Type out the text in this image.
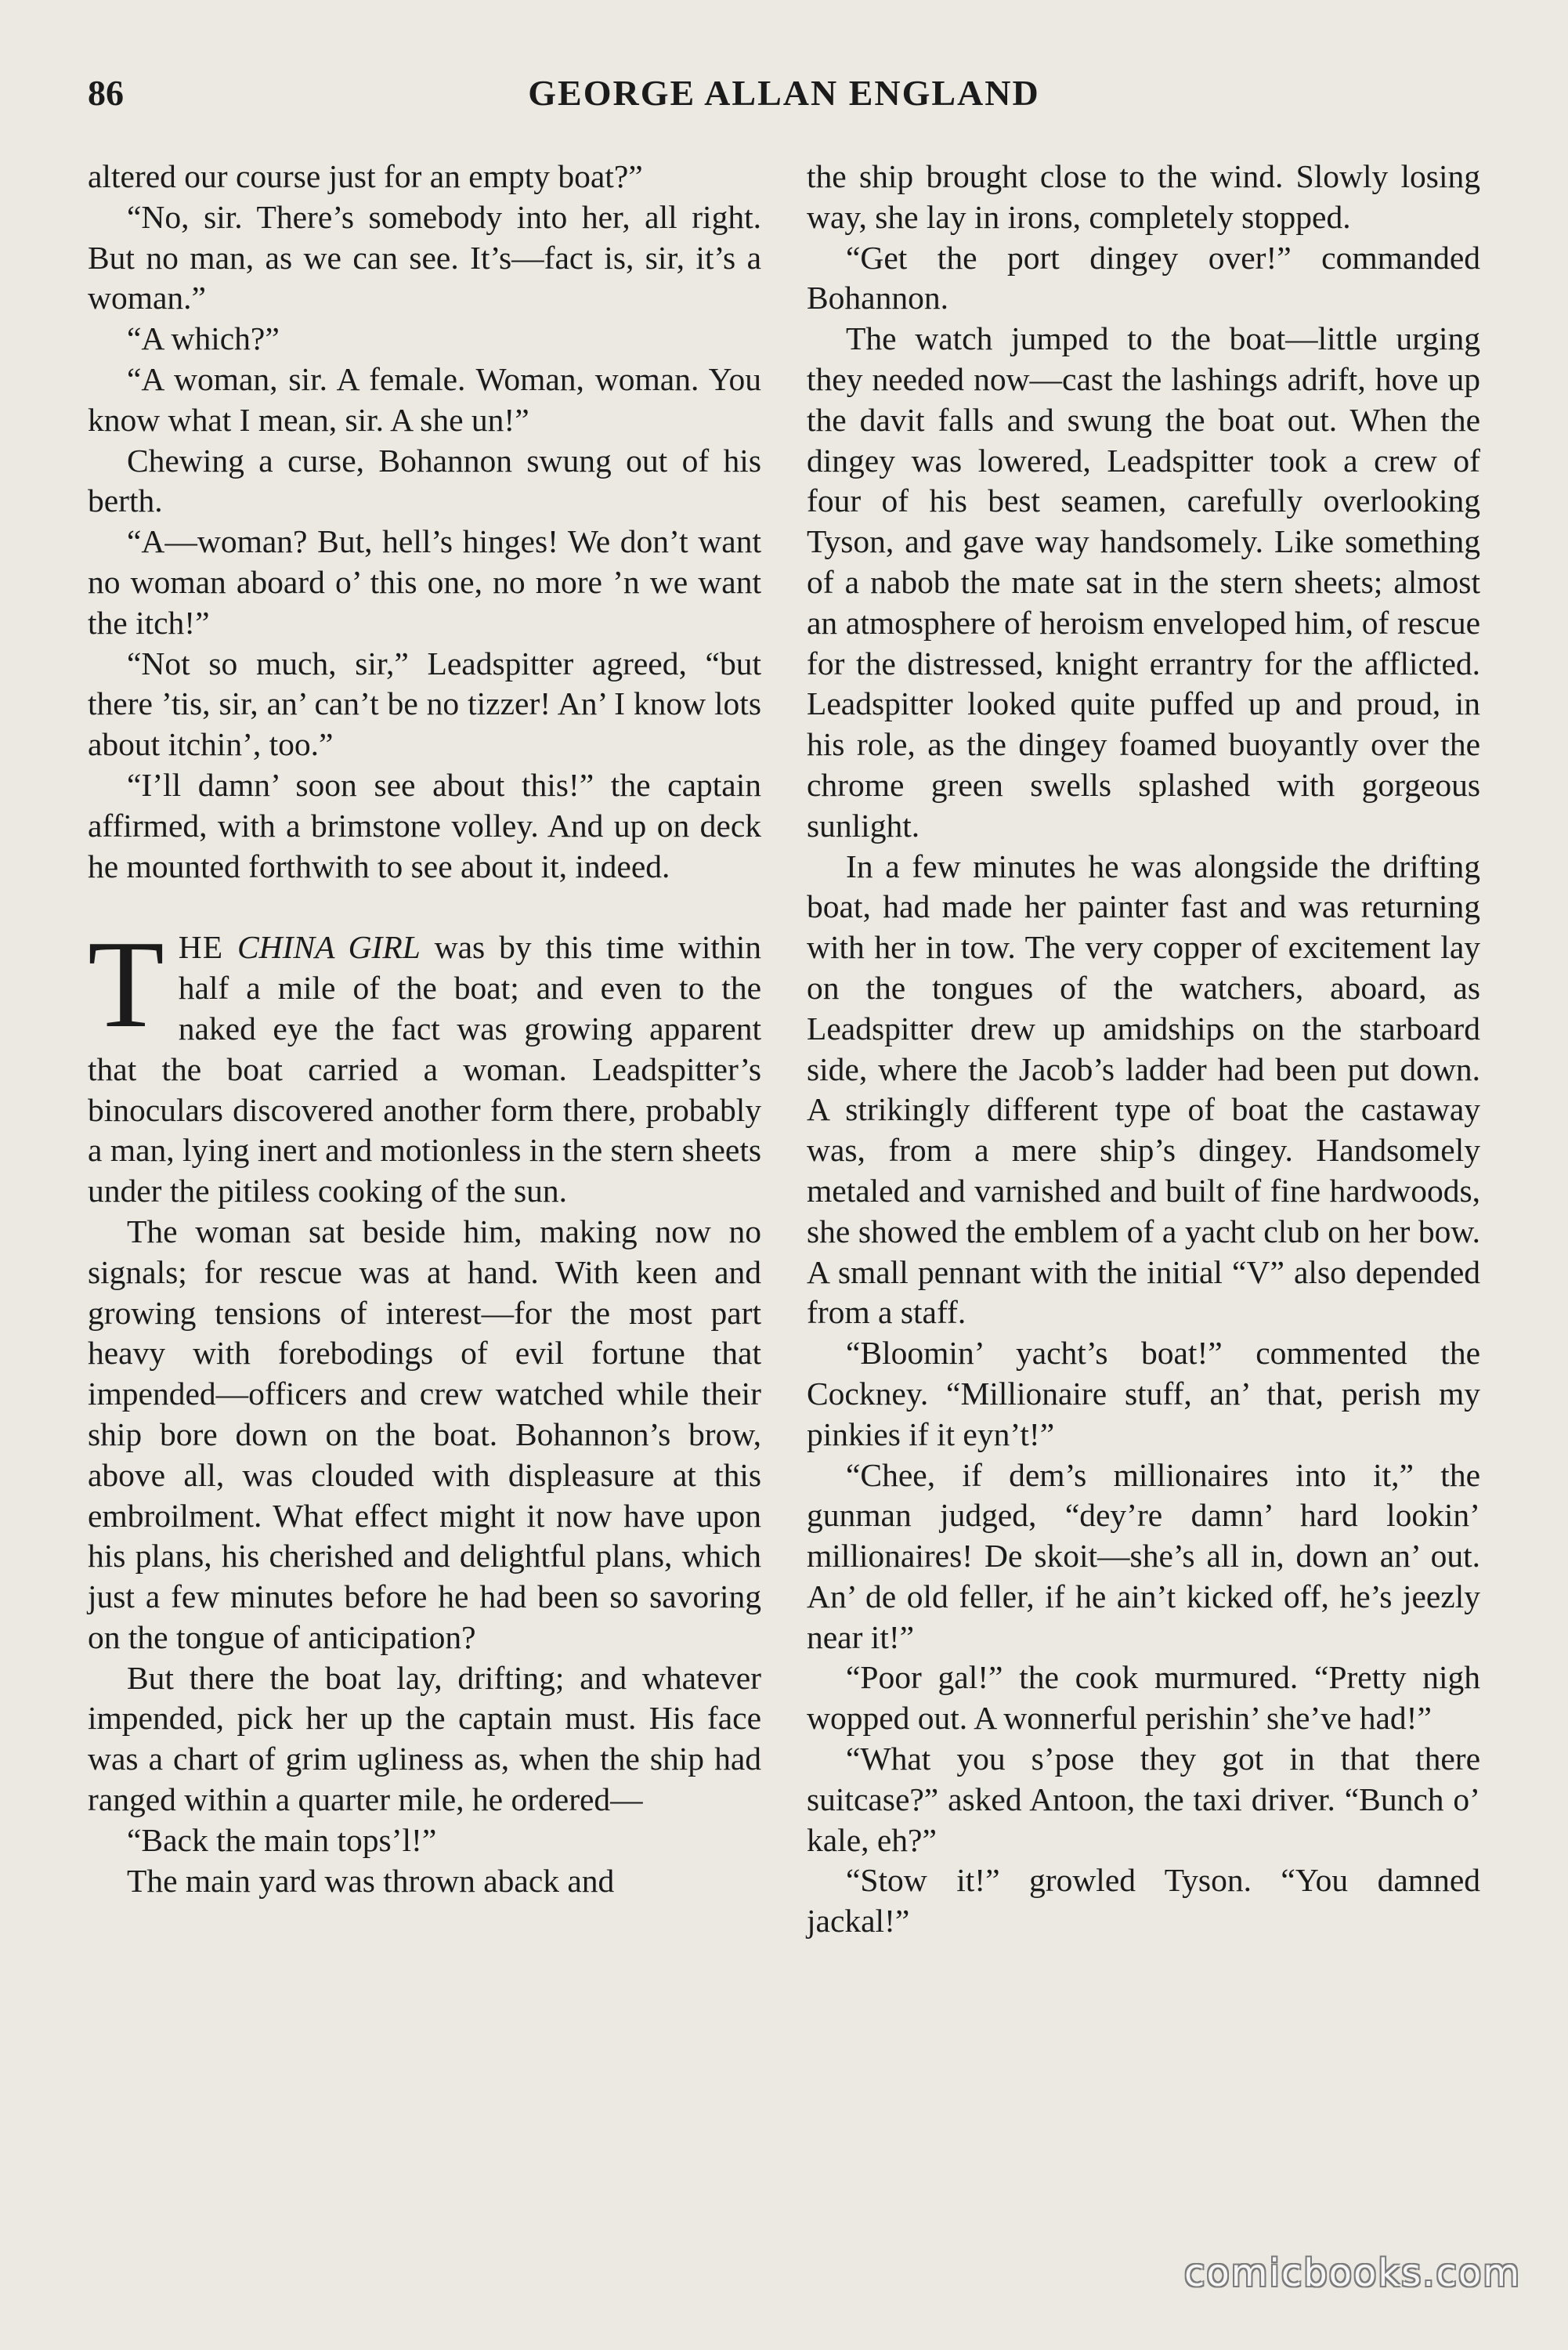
86	GEORGE ALLAN ENGLAND

altered our course just for an empty boat?”

“No, sir. There’s somebody into her, all right. But no man, as we can see. It’s—fact is, sir, it’s a woman.”

“A which?”

“A woman, sir. A female. Woman, woman. You know what I mean, sir. A she un!”

Chewing a curse, Bohannon swung out of his berth.

“A—woman? But, hell’s hinges! We don’t want no woman aboard o’ this one, no more ’n we want the itch!”

“Not so much, sir,” Leadspitter agreed, “but there ’tis, sir, an’ can’t be no tizzer! An’ I know lots about itchin’, too.”

“I’ll damn’ soon see about this!” the captain affirmed, with a brimstone volley. And up on deck he mounted forthwith to see about it, indeed.

THE CHINA GIRL was by this time within half a mile of the boat; and even to the naked eye the fact was growing apparent that the boat carried a woman. Leadspitter’s binoculars discovered another form there, probably a man, lying inert and motionless in the stern sheets under the pitiless cooking of the sun.

The woman sat beside him, making now no signals; for rescue was at hand. With keen and growing tensions of interest—for the most part heavy with forebodings of evil fortune that impended—officers and crew watched while their ship bore down on the boat. Bohannon’s brow, above all, was clouded with displeasure at this embroilment. What effect might it now have upon his plans, his cherished and delightful plans, which just a few minutes before he had been so savoring on the tongue of anticipation?

But there the boat lay, drifting; and whatever impended, pick her up the captain must. His face was a chart of grim ugliness as, when the ship had ranged within a quarter mile, he ordered—

“Back the main tops’l!”

The main yard was thrown aback and

the ship brought close to the wind. Slowly losing way, she lay in irons, completely stopped.

“Get the port dingey over!” commanded Bohannon.

The watch jumped to the boat—little urging they needed now—cast the lashings adrift, hove up the davit falls and swung the boat out. When the dingey was lowered, Leadspitter took a crew of four of his best seamen, carefully overlooking Tyson, and gave way handsomely. Like something of a nabob the mate sat in the stern sheets; almost an atmosphere of heroism enveloped him, of rescue for the distressed, knight errantry for the afflicted. Leadspitter looked quite puffed up and proud, in his role, as the dingey foamed buoyantly over the chrome green swells splashed with gorgeous sunlight.

In a few minutes he was alongside the drifting boat, had made her painter fast and was returning with her in tow. The very copper of excitement lay on the tongues of the watchers, aboard, as Leadspitter drew up amidships on the starboard side, where the Jacob’s ladder had been put down. A strikingly different type of boat the castaway was, from a mere ship’s dingey. Handsomely metaled and varnished and built of fine hardwoods, she showed the emblem of a yacht club on her bow. A small pennant with the initial “V” also depended from a staff.

“Bloomin’ yacht’s boat!” commented the Cockney. “Millionaire stuff, an’ that, perish my pinkies if it eyn’t!”

“Chee, if dem’s millionaires into it,” the gunman judged, “dey’re damn’ hard lookin’ millionaires! De skoit—she’s all in, down an’ out. An’ de old feller, if he ain’t kicked off, he’s jeezly near it!”

“Poor gal!” the cook murmured. “Pretty nigh wopped out. A wonnerful perishin’ she’ve had!”

“What you s’pose they got in that there suitcase?” asked Antoon, the taxi driver. “Bunch o’ kale, eh?”

“Stow it!” growled Tyson. “You damned jackal!”

comicbooks.com
